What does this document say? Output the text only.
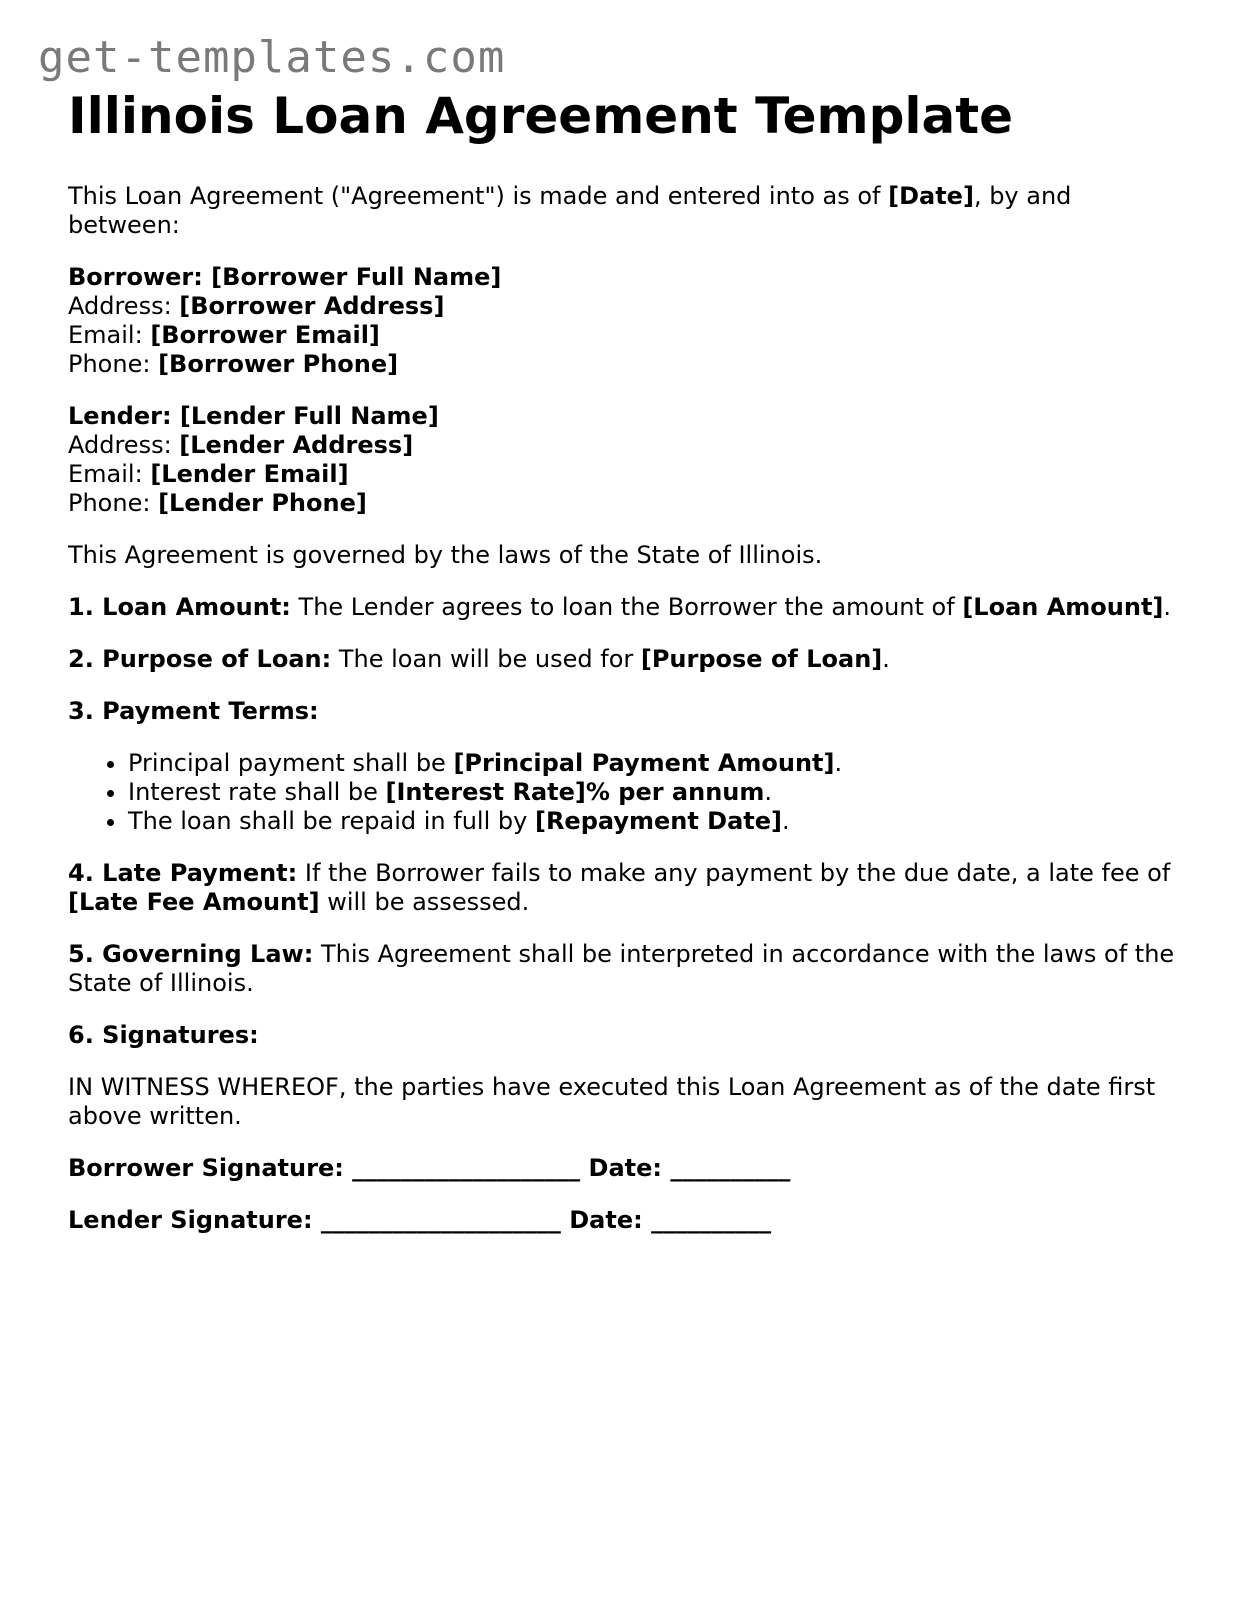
get-templates.com
Illinois Loan Agreement Template

This Loan Agreement ("Agreement") is made and entered into as of [Date], by and between:

Borrower: [Borrower Full Name]

Address: [Borrower Address]

Email: [Borrower Email]

Phone: [Borrower Phone]

Lender: [Lender Full Name]

Address: [Lender Address]

Email: [Lender Email]

Phone: [Lender Phone]

This Agreement is governed by the laws of the State of Illinois.

1. Loan Amount: The Lender agrees to loan the Borrower the amount of [Loan Amount].

2. Purpose of Loan: The loan will be used for [Purpose of Loan].

3. Payment Terms:

• Principal payment shall be [Principal Payment Amount].
• Interest rate shall be [Interest Rate]% per annum.
• The loan shall be repaid in full by [Repayment Date].

4. Late Payment: If the Borrower fails to make any payment by the due date, a late fee of [Late Fee Amount] will be assessed.

5. Governing Law: This Agreement shall be interpreted in accordance with the laws of the State of Illinois.

6. Signatures:

IN WITNESS WHEREOF, the parties have executed this Loan Agreement as of the date first above written.

Borrower Signature: ___________________ Date: __________

Lender Signature: ____________________ Date: __________
